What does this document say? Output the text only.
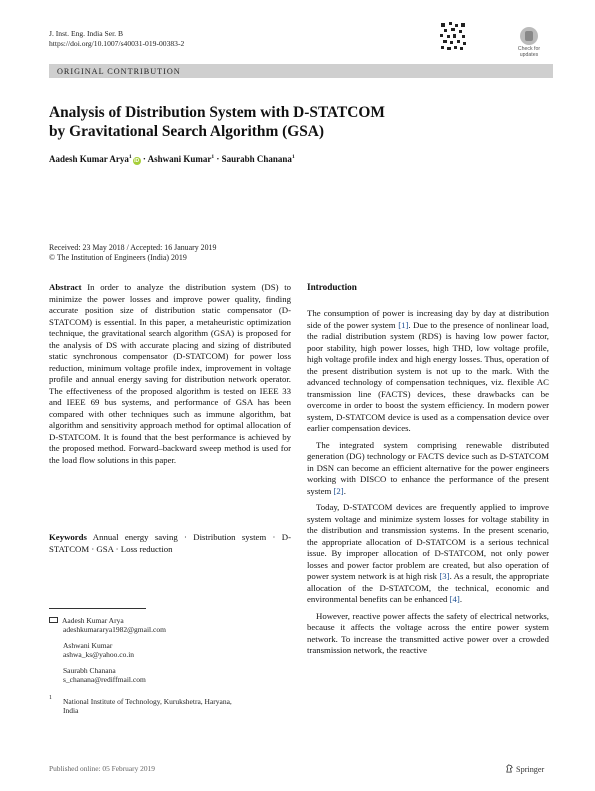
J. Inst. Eng. India Ser. B
https://doi.org/10.1007/s40031-019-00383-2
Check for
updates
ORIGINAL CONTRIBUTION
Analysis of Distribution System with D-STATCOM
by Gravitational Search Algorithm (GSA)
Aadesh Kumar Arya$^1$iD · Ashwani Kumar$^1$ · Saurabh Chanana$^1$
Received: 23 May 2018 / Accepted: 16 January 2019
© The Institution of Engineers (India) 2019

Abstract In order to analyze the distribution system (DS) to minimize the power losses and improve power quality, finding accurate position size of distribution static compensator (D-STATCOM) is essential. In this paper, a metaheuristic optimization technique, the gravitational search algorithm (GSA) is proposed for the analysis of DS with accurate placing and sizing of distributed static synchronous compensator (D-STATCOM) for power loss reduction, minimum voltage profile index, improvement in voltage profile and annual energy saving for distribution network operator. The effectiveness of the proposed algorithm is tested on IEEE 33 and IEEE 69 bus systems, and performance of GSA has been compared with other techniques such as immune algorithm, bat algorithm and sensitivity approach method for optimal allocation of D-STATCOM. It is found that the best performance is achieved by the proposed method. Forward–backward sweep method is used for the load flow solutions in this paper.

Keywords Annual energy saving · Distribution system · D-STATCOM · GSA · Loss reduction

Aadesh Kumar Arya
adeshkumararya1982@gmail.com
Ashwani Kumar
ashwa_ks@yahoo.co.in
Saurabh Chanana
s_chanana@rediffmail.com
1 National Institute of Technology, Kurukshetra, Haryana,
India
Introduction

The consumption of power is increasing day by day at distribution side of the power system [1]. Due to the presence of nonlinear load, the radial distribution system (RDS) is having low power factor, poor stability, high power losses, high THD, low voltage profile, high voltage profile index and high energy losses. Thus, operation of the present distribution system is not up to the mark. With the advanced technology of compensation techniques, viz. flexible AC transmission line (FACTS) devices, these drawbacks can be overcome in order to boost the system efficiency. In modern power system, D-STATCOM device is used as a compensation device over earlier compensation devices.

The integrated system comprising renewable distributed generation (DG) technology or FACTS device such as D-STATCOM in DSN can become an efficient alternative for the power engineers working with DISCO to enhance the performance of the present system [2].

Today, D-STATCOM devices are frequently applied to improve system voltage and minimize system losses for voltage stability in the distribution and transmission systems. In the present scenario, the appropriate allocation of D-STATCOM is a serious technical issue. By improper allocation of D-STATCOM, not only power losses and power factor problem are created, but also operation of power system network is at high risk [3]. As a result, the appropriate allocation of the D-STATCOM, the technical, economic and environmental benefits can be enhanced [4].

However, reactive power affects the safety of electrical networks, because it affects the voltage across the entire power system network. To increase the transmitted active power over a crowded transmission network, the reactive

Published online: 05 February 2019	Springer
